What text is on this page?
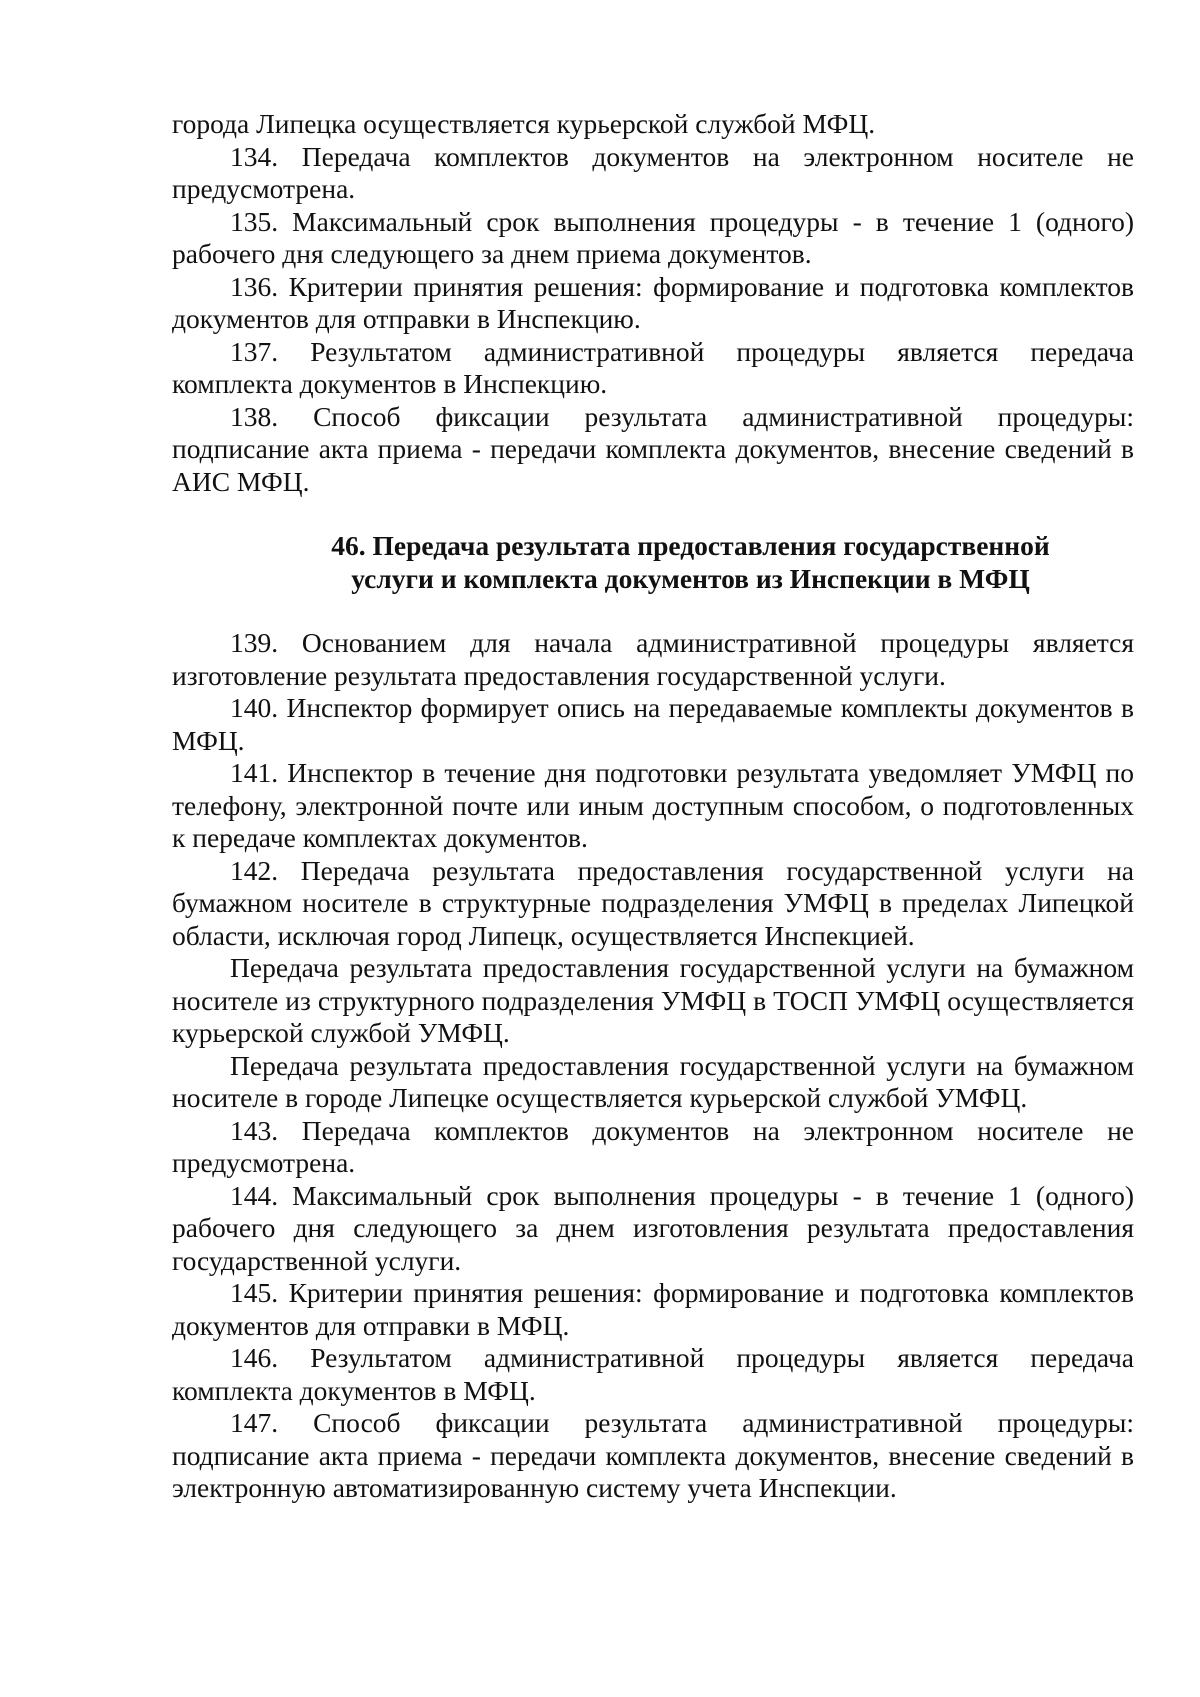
города Липецка осуществляется курьерской службой МФЦ.

134. Передача комплектов документов на электронном носителе не предусмотрена.

135. Максимальный срок выполнения процедуры - в течение 1 (одного) рабочего дня следующего за днем приема документов.

136. Критерии принятия решения: формирование и подготовка комплектов документов для отправки в Инспекцию.

137. Результатом административной процедуры является передача комплекта документов в Инспекцию.

138. Способ фиксации результата административной процедуры: подписание акта приема - передачи комплекта документов, внесение сведений в АИС МФЦ.

46. Передача результата предоставления государственной
услуги и комплекта документов из Инспекции в МФЦ

139. Основанием для начала административной процедуры является изготовление результата предоставления государственной услуги.

140. Инспектор формирует опись на передаваемые комплекты документов в МФЦ.

141. Инспектор в течение дня подготовки результата уведомляет УМФЦ по телефону, электронной почте или иным доступным способом, о подготовленных к передаче комплектах документов.

142. Передача результата предоставления государственной услуги на бумажном носителе в структурные подразделения УМФЦ в пределах Липецкой области, исключая город Липецк, осуществляется Инспекцией.

Передача результата предоставления государственной услуги на бумажном носителе из структурного подразделения УМФЦ в ТОСП УМФЦ осуществляется курьерской службой УМФЦ.

Передача результата предоставления государственной услуги на бумажном носителе в городе Липецке осуществляется курьерской службой УМФЦ.

143. Передача комплектов документов на электронном носителе не предусмотрена.

144. Максимальный срок выполнения процедуры - в течение 1 (одного) рабочего дня следующего за днем изготовления результата предоставления государственной услуги.

145. Критерии принятия решения: формирование и подготовка комплектов документов для отправки в МФЦ.

146. Результатом административной процедуры является передача комплекта документов в МФЦ.

147. Способ фиксации результата административной процедуры: подписание акта приема - передачи комплекта документов, внесение сведений в электронную автоматизированную систему учета Инспекции.
